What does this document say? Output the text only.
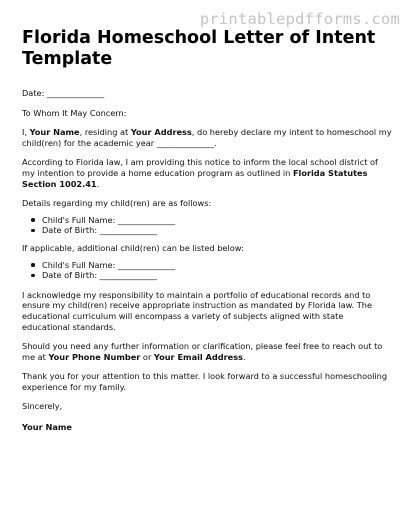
printablepdfforms.com
Florida Homeschool Letter of Intent Template

Date: ______________

To Whom It May Concern:

I, Your Name, residing at Your Address, do hereby declare my intent to homeschool my child(ren) for the academic year ______________.

According to Florida law, I am providing this notice to inform the local school district of my intention to provide a home education program as outlined in Florida Statutes Section 1002.41.

Details regarding my child(ren) are as follows:

Child's Full Name: ______________
Date of Birth: ______________

If applicable, additional child(ren) can be listed below:

Child's Full Name: ______________
Date of Birth: ______________

I acknowledge my responsibility to maintain a portfolio of educational records and to ensure my child(ren) receive appropriate instruction as mandated by Florida law. The educational curriculum will encompass a variety of subjects aligned with state educational standards.

Should you need any further information or clarification, please feel free to reach out to me at Your Phone Number or Your Email Address.

Thank you for your attention to this matter. I look forward to a successful homeschooling experience for my family.

Sincerely,

Your Name
